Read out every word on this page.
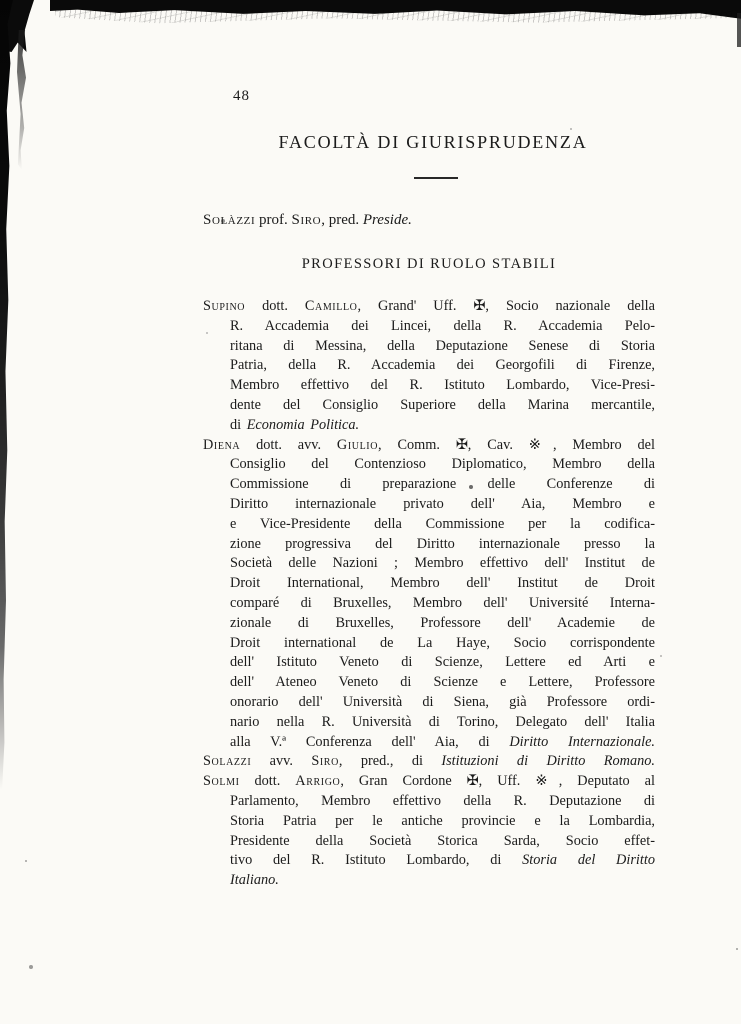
48
FACOLTÀ DI GIURISPRUDENZA
Solàzzi prof. Siro, pred. Preside.
PROFESSORI DI RUOLO STABILI
Supino dott. Camillo, Grand' Uff. ✠, Socio nazionale della
R. Accademia dei Lincei, della R. Accademia Pelo-
ritana di Messina, della Deputazione Senese di Storia
Patria, della R. Accademia dei Georgofili di Firenze,
Membro effettivo del R. Istituto Lombardo, Vice-Presi-
dente del Consiglio Superiore della Marina mercantile,
di Economia Politica.
Diena dott. avv. Giulio, Comm. ✠, Cav. ※, Membro del
Consiglio del Contenzioso Diplomatico, Membro della
Commissione di preparazione delle Conferenze di
Diritto internazionale privato dell' Aia, Membro e
e Vice-Presidente della Commissione per la codifica-
zione progressiva del Diritto internazionale presso la
Società delle Nazioni ; Membro effettivo dell' Institut de
Droit International, Membro dell' Institut de Droit
comparé di Bruxelles, Membro dell' Université Interna-
zionale di Bruxelles, Professore dell' Academie de
Droit international de La Haye, Socio corrispondente
dell' Istituto Veneto di Scienze, Lettere ed Arti e
dell' Ateneo Veneto di Scienze e Lettere, Professore
onorario dell' Università di Siena, già Professore ordi-
nario nella R. Università di Torino, Delegato dell' Italia
alla V.ª Conferenza dell' Aia, di Diritto Internazionale.
Solazzi avv. Siro, pred., di Istituzioni di Diritto Romano.
Solmi dott. Arrigo, Gran Cordone ✠, Uff. ※, Deputato al
Parlamento, Membro effettivo della R. Deputazione di
Storia Patria per le antiche provincie e la Lombardia,
Presidente della Società Storica Sarda, Socio effet-
tivo del R. Istituto Lombardo, di Storia del Diritto
Italiano.
